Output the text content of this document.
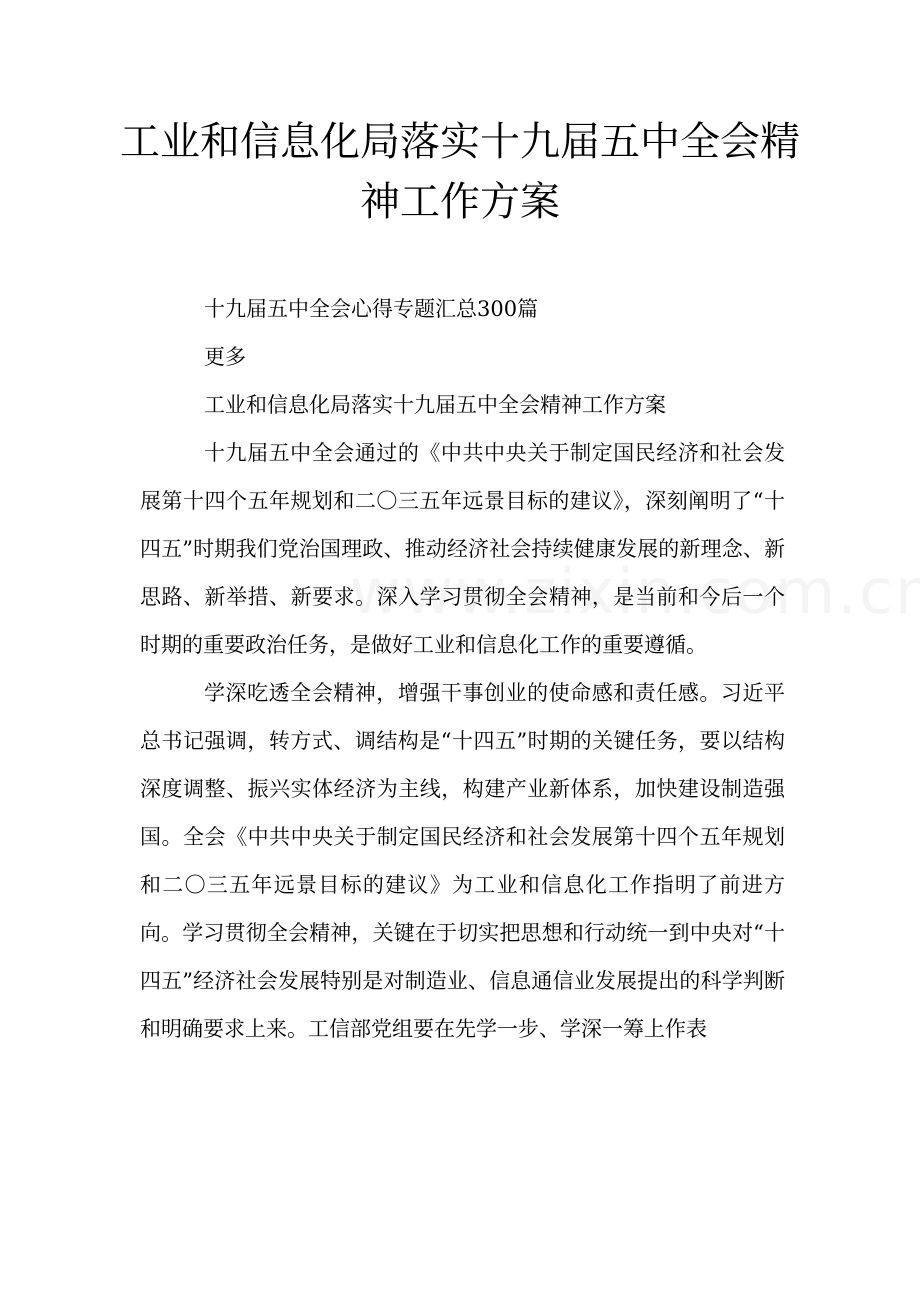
工业和信息化局落实十九届五中全会精
神工作方案

十九届五中全会心得专题汇总300篇

更多

工业和信息化局落实十九届五中全会精神工作方案

十九届五中全会通过的《中共中央关于制定国民经济和社会发展第十四个五年规划和二〇三五年远景目标的建议》，深刻阐明了“十四五”时期我们党治国理政、推动经济社会持续健康发展的新理念、新思路、新举措、新要求。深入学习贯彻全会精神，是当前和今后一个时期的重要政治任务，是做好工业和信息化工作的重要遵循。

学深吃透全会精神，增强干事创业的使命感和责任感。习近平总书记强调，转方式、调结构是“十四五”时期的关键任务，要以结构深度调整、振兴实体经济为主线，构建产业新体系，加快建设制造强国。全会《中共中央关于制定国民经济和社会发展第十四个五年规划和二〇三五年远景目标的建议》为工业和信息化工作指明了前进方向。学习贯彻全会精神，关键在于切实把思想和行动统一到中央对“十四五”经济社会发展特别是对制造业、信息通信业发展提出的科学判断和明确要求上来。工信部党组要在先学一步、学深一筹上作表
